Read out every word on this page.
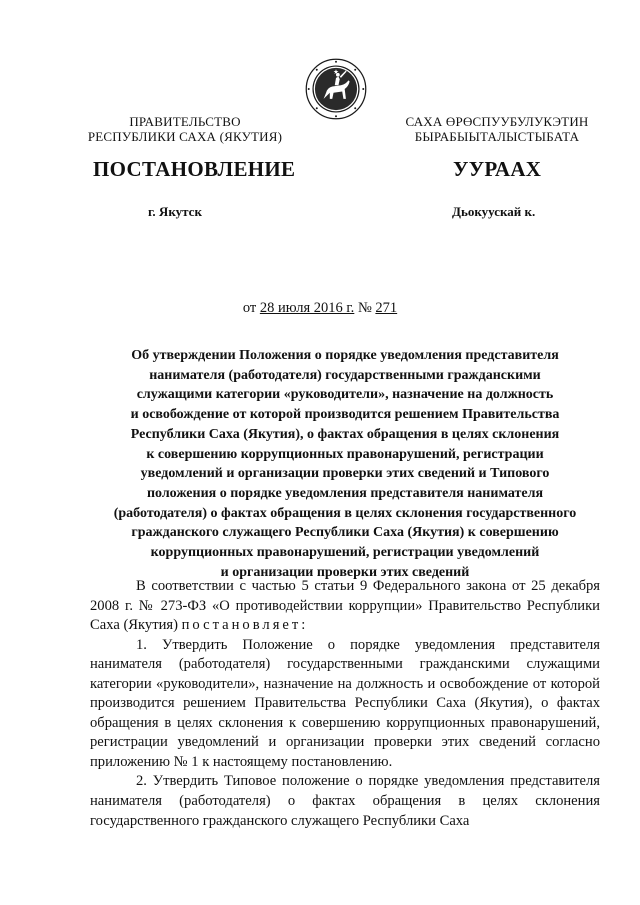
ПРАВИТЕЛЬСТВО
РЕСПУБЛИКИ САХА (ЯКУТИЯ)
САХА ӨРӨСПУУБУЛУКЭТИН
БЫРАБЫЫТАЛЫСТЫБАТА
ПОСТАНОВЛЕНИЕ	УУРААХ
г. Якутск	Дьокуускай к.
от 28 июля 2016 г. № 271
Об утверждении Положения о порядке уведомления представителя
нанимателя (работодателя) государственными гражданскими
служащими категории «руководители», назначение на должность
и освобождение от которой производится решением Правительства
Республики Саха (Якутия), о фактах обращения в целях склонения
к совершению коррупционных правонарушений, регистрации
уведомлений и организации проверки этих сведений и Типового
положения о порядке уведомления представителя нанимателя
(работодателя) о фактах обращения в целях склонения государственного
гражданского служащего Республики Саха (Якутия) к совершению
коррупционных правонарушений, регистрации уведомлений
и организации проверки этих сведений

В соответствии с частью 5 статьи 9 Федерального закона от 25 декабря 2008 г. № 273-ФЗ «О противодействии коррупции» Правительство Республики Саха (Якутия) постановляет:

1. Утвердить Положение о порядке уведомления представителя нанимателя (работодателя) государственными гражданскими служащими категории «руководители», назначение на должность и освобождение от которой производится решением Правительства Республики Саха (Якутия), о фактах обращения в целях склонения к совершению коррупционных правонарушений, регистрации уведомлений и организации проверки этих сведений согласно приложению № 1 к настоящему постановлению.

2. Утвердить Типовое положение о порядке уведомления представителя нанимателя (работодателя) о фактах обращения в целях склонения государственного гражданского служащего Республики Саха
